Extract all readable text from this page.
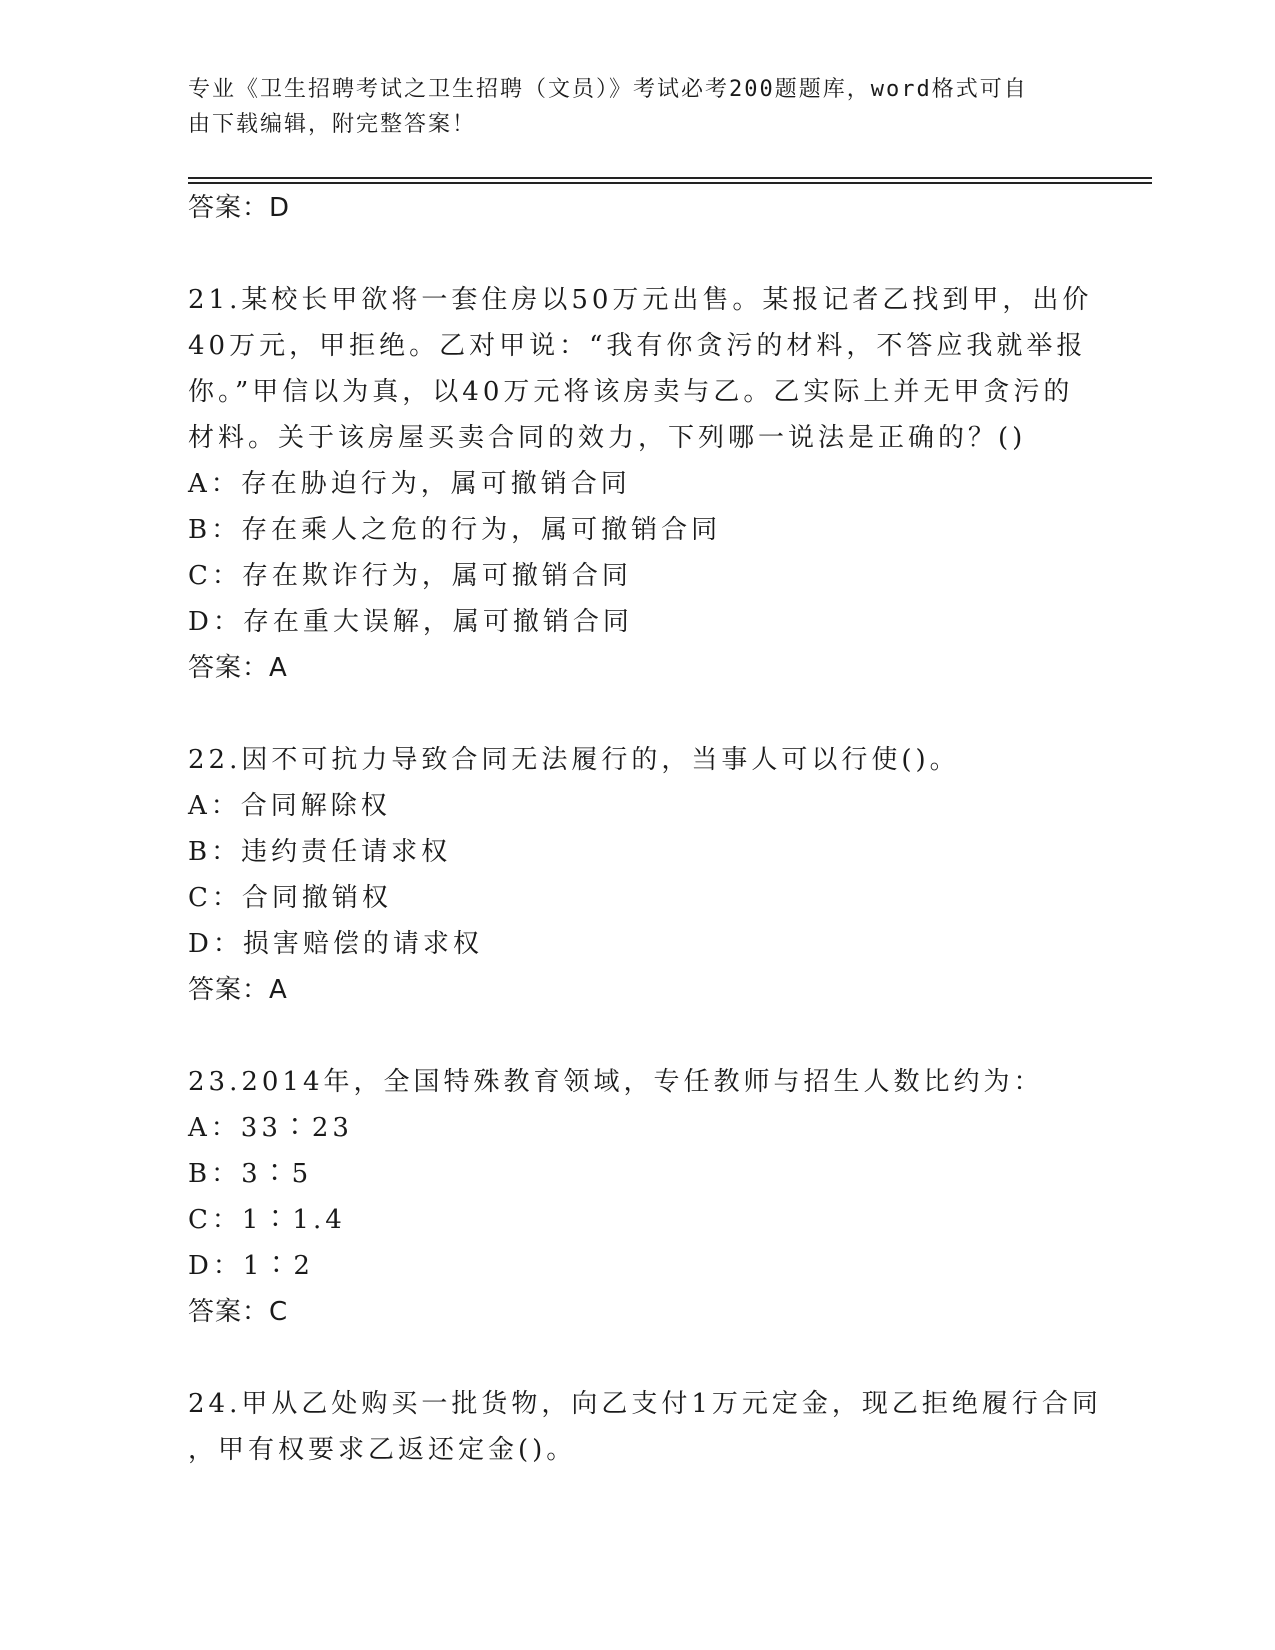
专业《卫生招聘考试之卫生招聘（文员）》考试必考200题题库，word格式可自
由下载编辑，附完整答案！
答案：D
21.某校长甲欲将一套住房以50万元出售。某报记者乙找到甲，出价
40万元，甲拒绝。乙对甲说：“我有你贪污的材料，不答应我就举报
你。”甲信以为真，以40万元将该房卖与乙。乙实际上并无甲贪污的
材料。关于该房屋买卖合同的效力，下列哪一说法是正确的？()
A：存在胁迫行为，属可撤销合同
B：存在乘人之危的行为，属可撤销合同
C：存在欺诈行为，属可撤销合同
D：存在重大误解，属可撤销合同
答案：A
22.因不可抗力导致合同无法履行的，当事人可以行使()。
A：合同解除权
B：违约责任请求权
C：合同撤销权
D：损害赔偿的请求权
答案：A
23.2014年，全国特殊教育领域，专任教师与招生人数比约为：
A：33∶23
B：3∶5
C：1∶1.4
D：1∶2
答案：C
24.甲从乙处购买一批货物，向乙支付1万元定金，现乙拒绝履行合同
，甲有权要求乙返还定金()。
